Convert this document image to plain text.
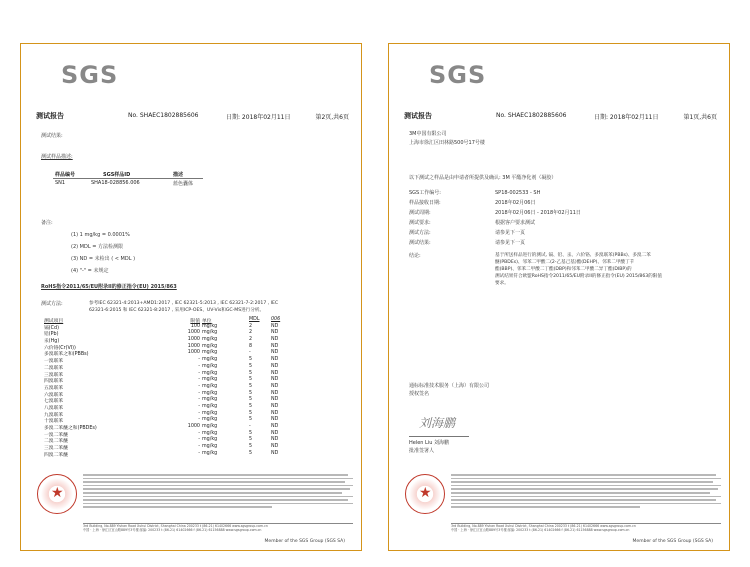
SGS
测试报告	No. SHAEC1802885606	日期: 2018年02月11日	第2页,共6页
测试结果:
测试样品描述:
样品编号	SGS样品ID	描述
SN1	SHA18-028856.006	蓝色囊体
备注:
(1) 1 mg/kg = 0.0001%
(2) MDL = 方法检测限
(3) ND = 未检出 ( < MDL )
(4) "-" = 未规定
RoHS指令2011/65/EU附录II的修正指令(EU) 2015/863
测试方法:	参考IEC 62321-4:2013+AMD1:2017 , IEC 62321-5:2013 , IEC 62321-7-2:2017 , IEC
62321-6:2015 和 IEC 62321-8:2017 , 采用ICP-OES、UV-Vis和GC-MS进行分析。
测试项目	限值 单位	MDL 006
镉(Cd)	100 mg/kg	2	ND
铅(Pb)	1000 mg/kg	2	ND
汞(Hg)	1000 mg/kg	2	ND
六价铬(Cr(VI))	1000 mg/kg	8	ND
多溴联苯之和(PBBs)	1000 mg/kg	-	ND
一溴联苯	- mg/kg	5	ND
二溴联苯	- mg/kg	5	ND
三溴联苯	- mg/kg	5	ND
四溴联苯	- mg/kg	5	ND
五溴联苯	- mg/kg	5	ND
六溴联苯	- mg/kg	5	ND
七溴联苯	- mg/kg	5	ND
八溴联苯	- mg/kg	5	ND
九溴联苯	- mg/kg	5	ND
十溴联苯	- mg/kg	5	ND
多溴二苯醚之和(PBDEs)	1000 mg/kg	-	ND
一溴二苯醚	- mg/kg	5	ND
二溴二苯醚	- mg/kg	5	ND
三溴二苯醚	- mg/kg	5	ND
四溴二苯醚	- mg/kg	5	ND
★
3rd Building, No.889 Yishan Road Xuhui District, Shanghai China 200233 t (86-21) 61402666 www.sgsgroup.com.cn
中国 · 上海 · 徐汇区宜山路889号3号楼 邮编: 200233 t (86-21) 61402666 f (86-21) 61156888 www.sgsgroup.com.cn
Member of the SGS Group (SGS SA)
SGS
测试报告	No. SHAEC1802885606	日期: 2018年02月11日	第1页,共6页
3M中国有限公司
上海市徐汇区田林路500号17号楼
以下测试之样品是由申请者所提供及确认: 3M 平酯净化剂（凝胶）
SGS工作编号:	SP18-002533 - SH
样品接收日期:	2018年02月06日
测试周期:	2018年02月06日 - 2018年02月11日
测试要求:	根据客户要求测试
测试方法:	请参见下一页
测试结果:	请参见下一页
结论:	基于所送样品进行的测试, 镉、铅、汞、六价铬、多溴联苯(PBBs)、多溴二苯
醚(PBDEs)、邻苯二甲酸二(2-乙基己基)酯(DEHP)、邻苯二甲酸丁苄
酯(BBP)、邻苯二甲酸二丁酯(DBP)和邻苯二甲酸二异丁酯(DIBP)的
测试结果符合欧盟RoHS指令2011/65/EU附录II的修正指令(EU) 2015/863的限值
要求。
通标标准技术服务（上海）有限公司
授权签名
刘海鹏
Helen Liu 刘海鹏
批准签署人
★
3rd Building, No.889 Yishan Road Xuhui District, Shanghai China 200233 t (86-21) 61402666 www.sgsgroup.com.cn
中国 · 上海 · 徐汇区宜山路889号3号楼 邮编: 200233 t (86-21) 61402666 f (86-21) 61156888 www.sgsgroup.com.cn
Member of the SGS Group (SGS SA)
